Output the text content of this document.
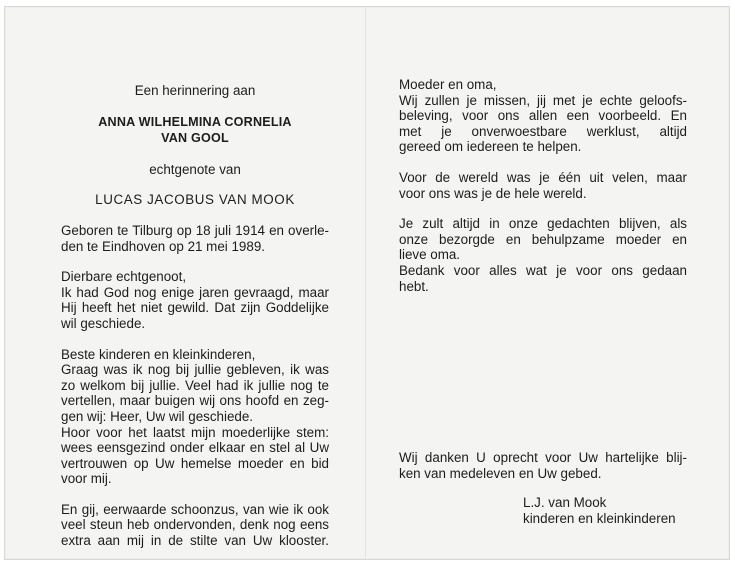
Een herinnering aan
ANNA WILHELMINA CORNELIA
VAN GOOL
echtgenote van
LUCAS JACOBUS VAN MOOK
Geboren te Tilburg op 18 juli 1914 en overle-
den te Eindhoven op 21 mei 1989.
Dierbare echtgenoot,
Ik had God nog enige jaren gevraagd, maar
Hij heeft het niet gewild. Dat zijn Goddelijke
wil geschiede.
Beste kinderen en kleinkinderen,
Graag was ik nog bij jullie gebleven, ik was
zo welkom bij jullie. Veel had ik jullie nog te
vertellen, maar buigen wij ons hoofd en zeg-
gen wij: Heer, Uw wil geschiede.
Hoor voor het laatst mijn moederlijke stem:
wees eensgezind onder elkaar en stel al Uw
vertrouwen op Uw hemelse moeder en bid
voor mij.
En gij, eerwaarde schoonzus, van wie ik ook
veel steun heb ondervonden, denk nog eens
extra aan mij in de stilte van Uw klooster.
Moeder en oma,
Wij zullen je missen, jij met je echte geloofs-
beleving, voor ons allen een voorbeeld. En
met je onverwoestbare werklust, altijd
gereed om iedereen te helpen.
Voor de wereld was je één uit velen, maar
voor ons was je de hele wereld.
Je zult altijd in onze gedachten blijven, als
onze bezorgde en behulpzame moeder en
lieve oma.
Bedank voor alles wat je voor ons gedaan
hebt.
Wij danken U oprecht voor Uw hartelijke blij-
ken van medeleven en Uw gebed.
L.J. van Mook
kinderen en kleinkinderen
